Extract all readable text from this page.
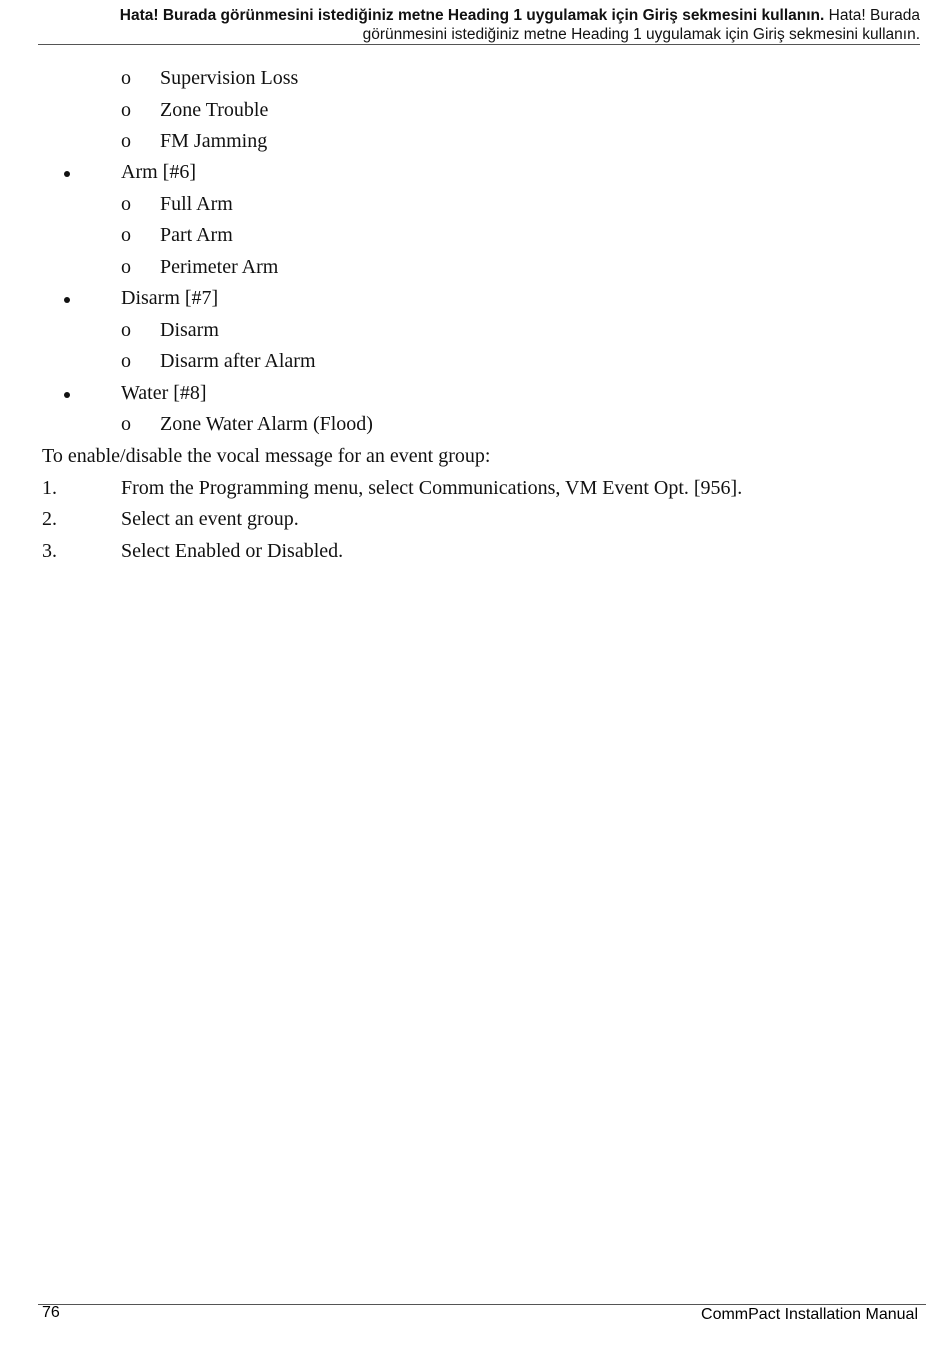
Hata! Burada görünmesini istediğiniz metne Heading 1 uygulamak için Giriş sekmesini kullanın. Hata! Burada
görünmesini istediğiniz metne Heading 1 uygulamak için Giriş sekmesini kullanın.
o Supervision Loss
o Zone Trouble
o FM Jamming
Arm [#6]
o Full Arm
o Part Arm
o Perimeter Arm
Disarm [#7]
o Disarm
o Disarm after Alarm
Water [#8]
o Zone Water Alarm (Flood)
To enable/disable the vocal message for an event group:
1.	From the Programming menu, select Communications, VM Event Opt. [956].
2.	Select an event group.
3.	Select Enabled or Disabled.
76	CommPact Installation Manual
